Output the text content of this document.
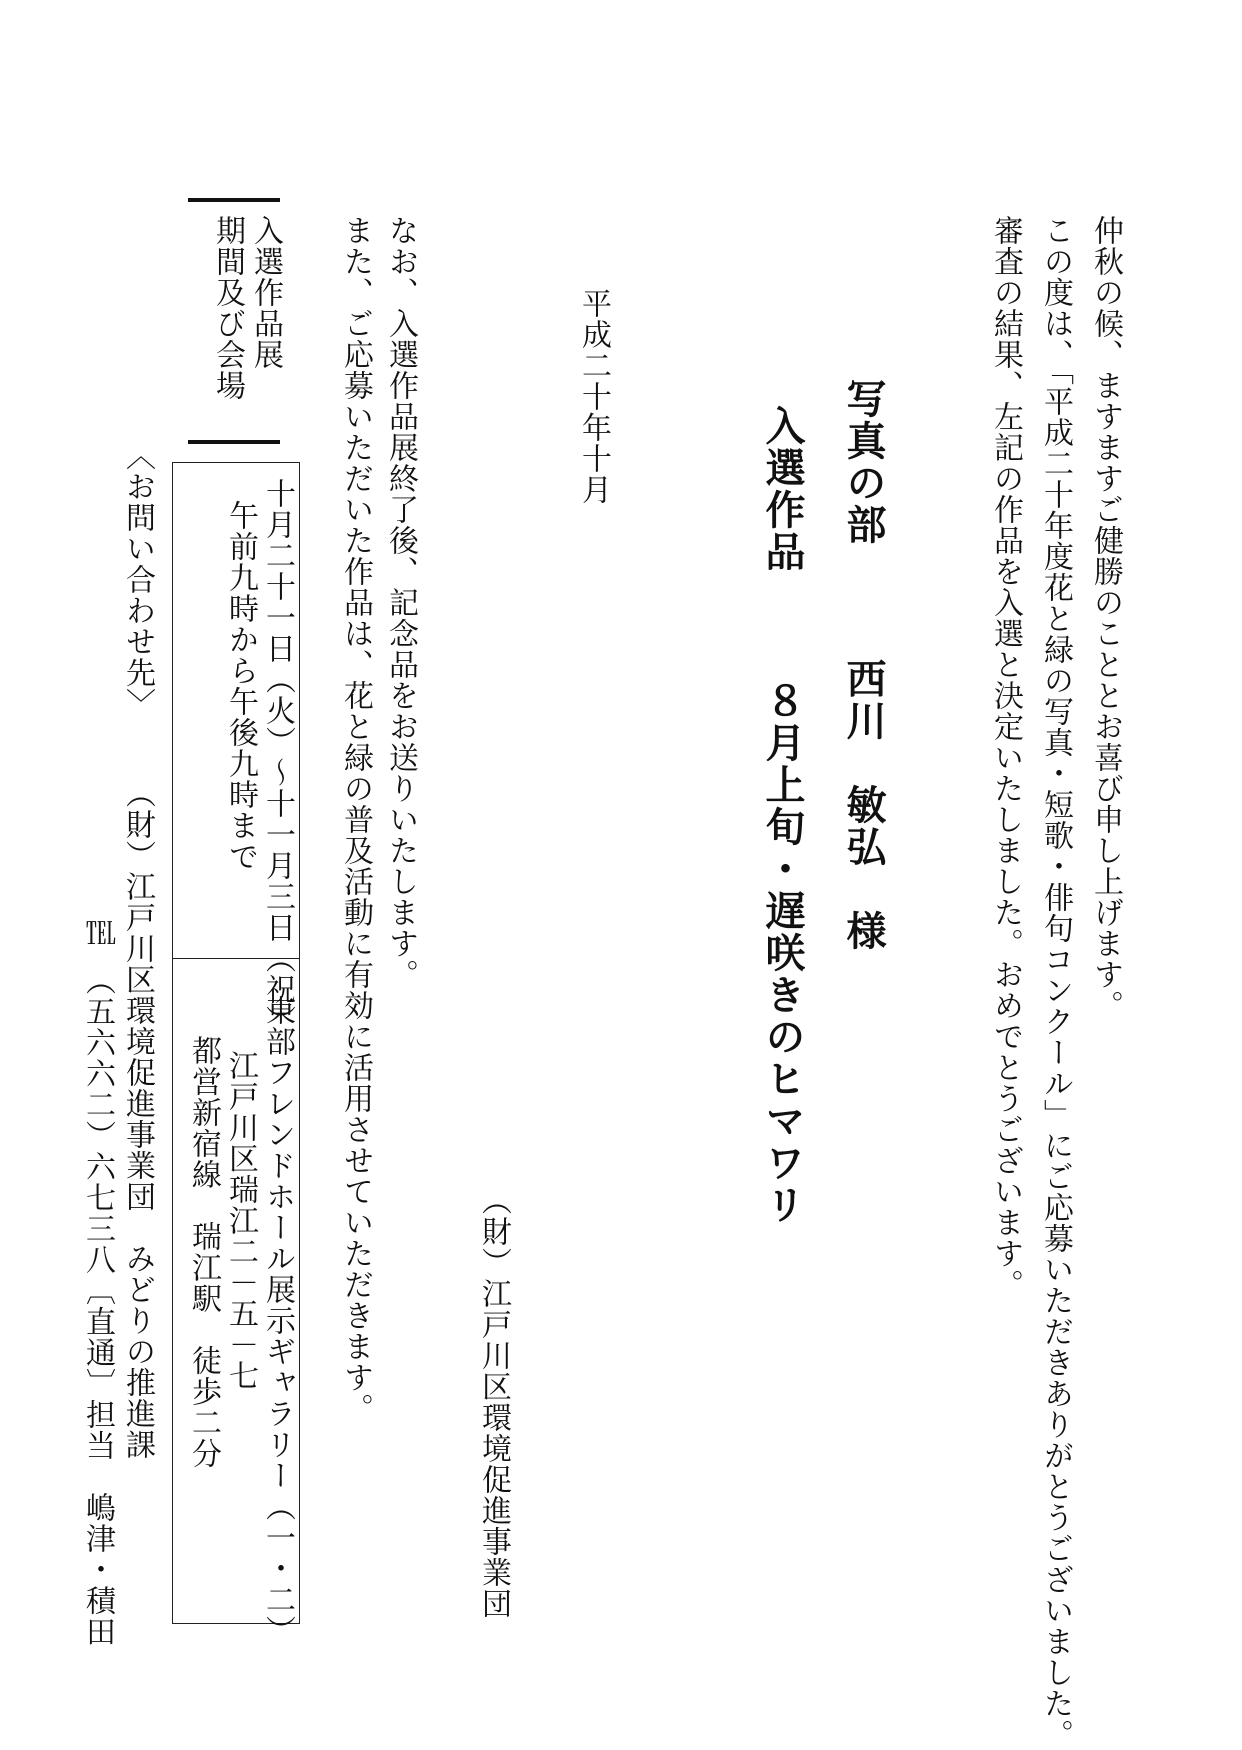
仲秋の候、ますますご健勝のこととお喜び申し上げます。
この度は、「平成二十年度花と緑の写真・短歌・俳句コンクール」にご応募いただきありがとうございました。
審査の結果、左記の作品を入選と決定いたしました。おめでとうございます。
写真の部
西川　敏弘　様
入選作品
８月上旬・遅咲きのヒマワリ
平成二十年十月
（財）江戸川区環境促進事業団
なお、入選作品展終了後、記念品をお送りいたします。
また、ご応募いただいた作品は、花と緑の普及活動に有効に活用させていただきます。
入選作品展
期間及び会場
十月二十一日（火）～十一月三日（祝）
午前九時から午後九時まで
東部フレンドホール展示ギャラリー（一・二）
江戸川区瑞江二－五－七
都営新宿線　瑞江駅　徒歩二分
〈お問い合わせ先〉
（財）江戸川区環境促進事業団　みどりの推進課
℡　（五六六二）六七三八〔直通〕担当　嶋津・積田
